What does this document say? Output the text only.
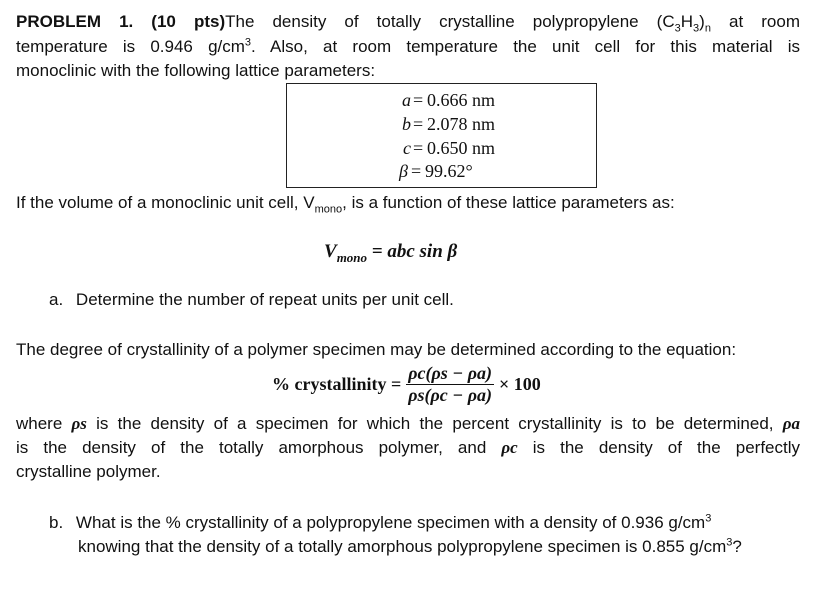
PROBLEM 1. (10 pts)The density of totally crystalline polypropylene $(C_3H_3)_n$ at room
temperature is 0.946 $g/cm^3$. Also, at room temperature the unit cell for this material is
monoclinic with the following lattice parameters:
a = 0.666 nm
b = 2.078 nm
c = 0.650 nm
β = 99.62°
If the volume of a monoclinic unit cell, $V_{mono}$, is a function of these lattice parameters as:
$V_{mono}$ = abc sin β
a. Determine the number of repeat units per unit cell.
The degree of crystallinity of a polymer specimen may be determined according to the equation:
% crystallinity = $\frac{\rho c(\rho s - \rho a)}{\rho s(\rho c - \rho a)} \times 100$
where ρs is the density of a specimen for which the percent crystallinity is to be determined, ρa
is the density of the totally amorphous polymer, and ρc is the density of the perfectly
crystalline polymer.
b. What is the % crystallinity of a polypropylene specimen with a density of 0.936 $g/cm^3$
knowing that the density of a totally amorphous polypropylene specimen is 0.855 $g/cm^3$?
